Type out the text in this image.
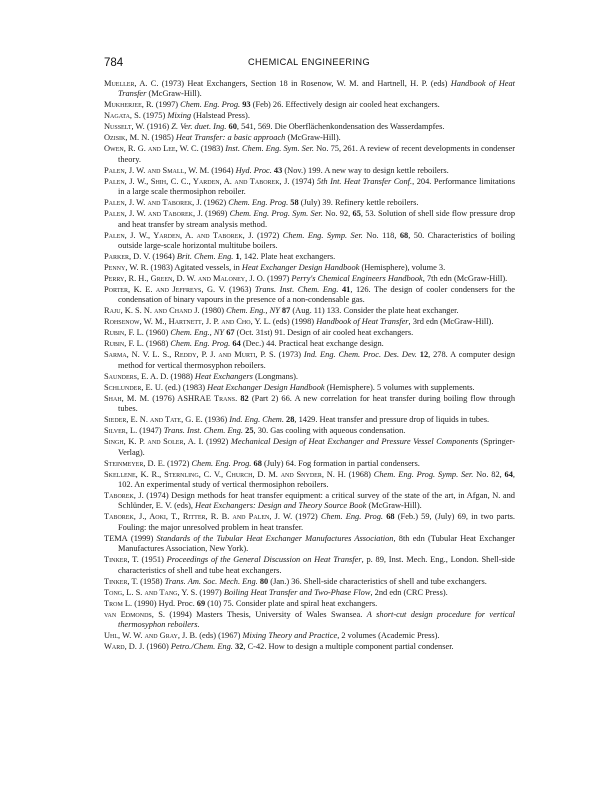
784	CHEMICAL ENGINEERING
Mueller, A. C. (1973) Heat Exchangers, Section 18 in Rosenow, W. M. and Hartnell, H. P. (eds) Handbook of Heat Transfer (McGraw-Hill).
Mukherjee, R. (1997) Chem. Eng. Prog. 93 (Feb) 26. Effectively design air cooled heat exchangers.
Nagata, S. (1975) Mixing (Halstead Press).
Nusselt, W. (1916) Z. Ver. duet. Ing. 60, 541, 569. Die Oberflächenkondensation des Wasserdampfes.
Ozisik, M. N. (1985) Heat Transfer: a basic approach (McGraw-Hill).
Owen, R. G. and Lee, W. C. (1983) Inst. Chem. Eng. Sym. Ser. No. 75, 261. A review of recent developments in condenser theory.
Palen, J. W. and Small, W. M. (1964) Hyd. Proc. 43 (Nov.) 199. A new way to design kettle reboilers.
Palen, J. W., Shih, C. C., Yarden, A. and Taborek, J. (1974) 5th Int. Heat Transfer Conf., 204. Performance limitations in a large scale thermosiphon reboiler.
Palen, J. W. and Taborek, J. (1962) Chem. Eng. Prog. 58 (July) 39. Refinery kettle reboilers.
Palen, J. W. and Taborek, J. (1969) Chem. Eng. Prog. Sym. Ser. No. 92, 65, 53. Solution of shell side flow pressure drop and heat transfer by stream analysis method.
Palen, J. W., Yarden, A. and Taborek, J. (1972) Chem. Eng. Symp. Ser. No. 118, 68, 50. Characteristics of boiling outside large-scale horizontal multitube boilers.
Parker, D. V. (1964) Brit. Chem. Eng. 1, 142. Plate heat exchangers.
Penny, W. R. (1983) Agitated vessels, in Heat Exchanger Design Handbook (Hemisphere), volume 3.
Perry, R. H., Green, D. W. and Maloney, J. O. (1997) Perry's Chemical Engineers Handbook, 7th edn (McGraw-Hill).
Porter, K. E. and Jeffreys, G. V. (1963) Trans. Inst. Chem. Eng. 41, 126. The design of cooler condensers for the condensation of binary vapours in the presence of a non-condensable gas.
Raju, K. S. N. and Chand J. (1980) Chem. Eng., NY 87 (Aug. 11) 133. Consider the plate heat exchanger.
Rohsenow, W. M., Hartnett, J. P. and Cho, Y. L. (eds) (1998) Handbook of Heat Transfer, 3rd edn (McGraw-Hill).
Rubin, F. L. (1960) Chem. Eng., NY 67 (Oct. 31st) 91. Design of air cooled heat exchangers.
Rubin, F. L. (1968) Chem. Eng. Prog. 64 (Dec.) 44. Practical heat exchange design.
Sarma, N. V. L. S., Reddy, P. J. and Murti, P. S. (1973) Ind. Eng. Chem. Proc. Des. Dev. 12, 278. A computer design method for vertical thermosyphon reboilers.
Saunders, E. A. D. (1988) Heat Exchangers (Longmans).
Schlunder, E. U. (ed.) (1983) Heat Exchanger Design Handbook (Hemisphere). 5 volumes with supplements.
Shah, M. M. (1976) ASHRAE Trans. 82 (Part 2) 66. A new correlation for heat transfer during boiling flow through tubes.
Sieder, E. N. and Tate, G. E. (1936) Ind. Eng. Chem. 28, 1429. Heat transfer and pressure drop of liquids in tubes.
Silver, L. (1947) Trans. Inst. Chem. Eng. 25, 30. Gas cooling with aqueous condensation.
Singh, K. P. and Soler, A. I. (1992) Mechanical Design of Heat Exchanger and Pressure Vessel Components (Springer-Verlag).
Steinmeyer, D. E. (1972) Chem. Eng. Prog. 68 (July) 64. Fog formation in partial condensers.
Skellene, K. R., Sternling, C. V., Church, D. M. and Snyder, N. H. (1968) Chem. Eng. Prog. Symp. Ser. No. 82, 64, 102. An experimental study of vertical thermosiphon reboilers.
Taborek, J. (1974) Design methods for heat transfer equipment: a critical survey of the state of the art, in Afgan, N. and Schlünder, E. V. (eds), Heat Exchangers: Design and Theory Source Book (McGraw-Hill).
Taborek, J., Aoki, T., Ritter, R. B. and Palen, J. W. (1972) Chem. Eng. Prog. 68 (Feb.) 59, (July) 69, in two parts. Fouling: the major unresolved problem in heat transfer.
TEMA (1999) Standards of the Tubular Heat Exchanger Manufactures Association, 8th edn (Tubular Heat Exchanger Manufactures Association, New York).
Tinker, T. (1951) Proceedings of the General Discussion on Heat Transfer, p. 89, Inst. Mech. Eng., London. Shell-side characteristics of shell and tube heat exchangers.
Tinker, T. (1958) Trans. Am. Soc. Mech. Eng. 80 (Jan.) 36. Shell-side characteristics of shell and tube exchangers.
Tong, L. S. and Tang, Y. S. (1997) Boiling Heat Transfer and Two-Phase Flow, 2nd edn (CRC Press).
Trom L. (1990) Hyd. Proc. 69 (10) 75. Consider plate and spiral heat exchangers.
van Edmonds, S. (1994) Masters Thesis, University of Wales Swansea. A short-cut design procedure for vertical thermosyphon reboilers.
Uhl, W. W. and Gray, J. B. (eds) (1967) Mixing Theory and Practice, 2 volumes (Academic Press).
Ward, D. J. (1960) Petro./Chem. Eng. 32, C-42. How to design a multiple component partial condenser.
